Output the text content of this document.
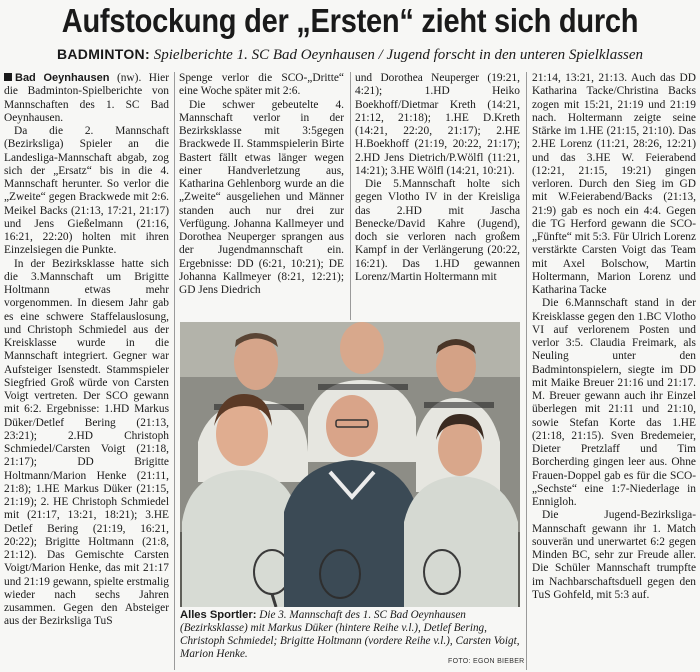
Aufstockung der „Ersten“ zieht sich durch
BADMINTON: Spielberichte 1. SC Bad Oeynhausen / Jugend forscht in den unteren Spielklassen

Bad Oeynhausen (nw). Hier die Badminton-Spielberichte von Mannschaften des 1. SC Bad Oeynhausen.

Da die 2. Mannschaft (Bezirksliga) Spieler an die Landesliga-Mannschaft abgab, zog sich der „Ersatz“ bis in die 4. Mannschaft herunter. So verlor die „Zweite“ gegen Brackwede mit 2:6. Meikel Backs (21:13, 17:21, 21:17) und Jens Gießelmann (21:16, 16:21, 22:20) holten mit ihren Einzelsiegen die Punkte.

In der Bezirksklasse hatte sich die 3.Mannschaft um Brigitte Holtmann etwas mehr vorgenommen. In diesem Jahr gab es eine schwere Staffelauslosung, und Christoph Schmiedel aus der Kreisklasse wurde in die Mannschaft integriert. Gegner war Aufsteiger Isenstedt. Stammspieler Siegfried Groß würde von Carsten Voigt vertreten. Der SCO gewann mit 6:2. Ergebnisse: 1.HD Markus Düker/Detlef Bering (21:13, 23:21); 2.HD Christoph Schmiedel/Carsten Voigt (21:18, 21:17); DD Brigitte Holtmann/Marion Henke (21:11, 21:8); 1.HE Markus Düker (21:15, 21:19); 2. HE Christoph Schmiedel mit (21:17, 13:21, 18:21); 3.HE Detlef Bering (21:19, 16:21, 20:22); Brigitte Holtmann (21:8, 21:12). Das Gemischte Carsten Voigt/Marion Henke, das mit 21:17 und 21:19 gewann, spielte erstmalig wieder nach sechs Jahren zusammen. Gegen den Absteiger aus der Bezirksliga TuS

Spenge verlor die SCO-„Dritte“ eine Woche später mit 2:6.

Die schwer gebeutelte 4. Mannschaft verlor in der Bezirksklasse mit 3:5gegen Brackwede II. Stammspielerin Birte Bastert fällt etwas länger wegen einer Handverletzung aus, Katharina Gehlenborg wurde an die „Zweite“ ausgeliehen und Männer standen auch nur drei zur Verfügung. Johanna Kallmeyer und Dorothea Neuperger sprangen aus der Jugendmannschaft ein. Ergebnisse: DD (6:21, 10:21); DE Johanna Kallmeyer (8:21, 12:21); GD Jens Diedrich

und Dorothea Neuperger (19:21, 4:21); 1.HD Heiko Boekhoff/Dietmar Kreth (14:21, 21:12, 21:18); 1.HE D.Kreth (14:21, 22:20, 21:17); 2.HE H.Boekhoff (21:19, 20:22, 21:17); 2.HD Jens Dietrich/P.Wölfl (11:21, 14:21); 3.HE Wölfl (14:21, 10:21).

Die 5.Mannschaft holte sich gegen Vlotho IV in der Kreisliga das 2.HD mit Jascha Benecke/David Kahre (Jugend), doch sie verloren nach großem Kampf in der Verlängerung (20:22, 16:21). Das 1.HD gewannen Lorenz/Martin Holtermann mit

21:14, 13:21, 21:13. Auch das DD Katharina Tacke/Christina Backs zogen mit 15:21, 21:19 und 21:19 nach. Holtermann zeigte seine Stärke im 1.HE (21:15, 21:10). Das 2.HE Lorenz (11:21, 28:26, 12:21) und das 3.HE W. Feierabend (12:21, 21:15, 19:21) gingen verloren. Durch den Sieg im GD mit W.Feierabend/Backs (21:13, 21:9) gab es noch ein 4:4. Gegen die TG Herford gewann die SCO-„Fünfte“ mit 5:3. Für Ulrich Lorenz verstärkte Carsten Voigt das Team mit Axel Bolschow, Martin Holtermann, Marion Lorenz und Katharina Tacke

Die 6.Mannschaft stand in der Kreisklasse gegen den 1.BC Vlotho VI auf verlorenem Posten und verlor 3:5. Claudia Freimark, als Neuling unter den Badmintonspielern, siegte im DD mit Maike Breuer 21:16 und 21:17. M. Breuer gewann auch ihr Einzel überlegen mit 21:11 und 21:10, sowie Stefan Korte das 1.HE (21:18, 21:15). Sven Bredemeier, Dieter Pretzlaff und Tim Borcherding gingen leer aus. Ohne Frauen-Doppel gab es für die SCO-„Sechste“ eine 1:7-Niederlage in Ennigloh.

Die Jugend-Bezirksliga-Mannschaft gewann ihr 1. Match souverän und unerwartet 6:2 gegen Minden BC, sehr zur Freude aller. Die Schüler Mannschaft trumpfte im Nachbarschaftsduell gegen den TuS Gohfeld, mit 5:3 auf.

Alles Sportler: Die 3. Mannschaft des 1. SC Bad Oeynhausen (Bezirksklasse) mit Markus Düker (hintere Reihe v.l.), Detlef Bering, Christoph Schmiedel; Brigitte Holtmann (vordere Reihe v.l.), Carsten Voigt, Marion Henke.
FOTO: EGON BIEBER
